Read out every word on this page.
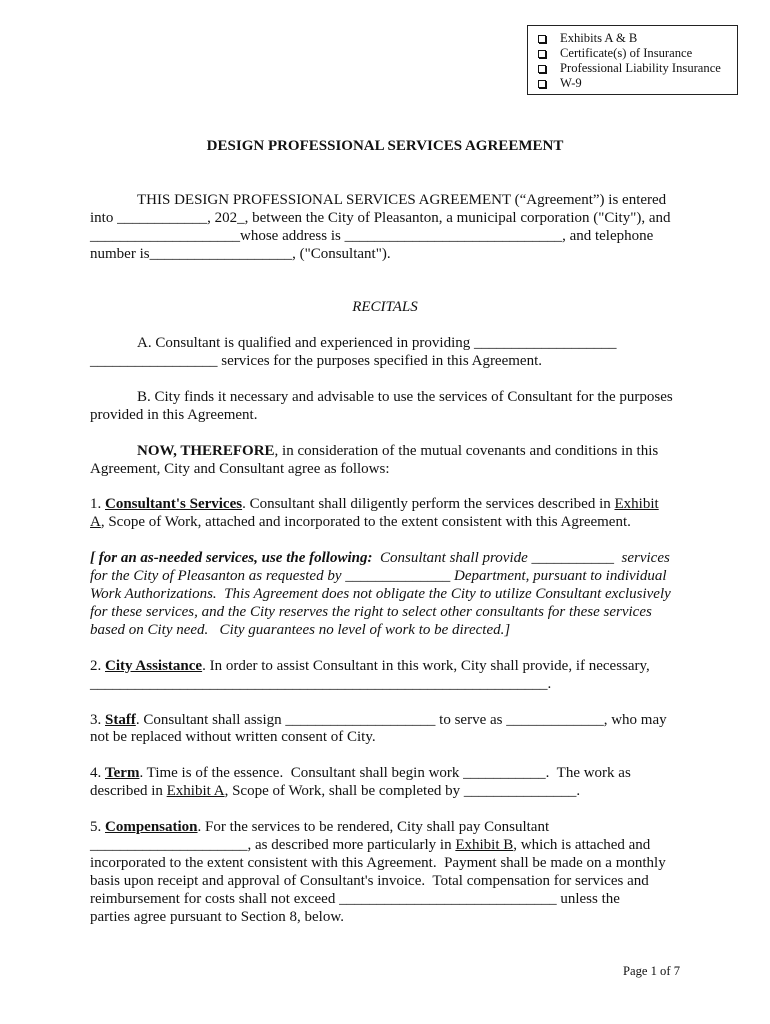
Exhibits A & B
Certificate(s) of Insurance
Professional Liability Insurance
W-9
DESIGN PROFESSIONAL SERVICES AGREEMENT
THIS DESIGN PROFESSIONAL SERVICES AGREEMENT (“Agreement”) is entered
into ____________, 202_, between the City of Pleasanton, a municipal corporation ("City"), and
____________________whose address is _____________________________, and telephone
number is___________________, ("Consultant").
RECITALS
A. Consultant is qualified and experienced in providing ___________________
_________________ services for the purposes specified in this Agreement.
B. City finds it necessary and advisable to use the services of Consultant for the purposes
provided in this Agreement.
NOW, THEREFORE, in consideration of the mutual covenants and conditions in this
Agreement, City and Consultant agree as follows:
1. Consultant's Services. Consultant shall diligently perform the services described in Exhibit
A, Scope of Work, attached and incorporated to the extent consistent with this Agreement.
[ for an as-needed services, use the following:  Consultant shall provide ___________  services
for the City of Pleasanton as requested by ______________ Department, pursuant to individual
Work Authorizations.  This Agreement does not obligate the City to utilize Consultant exclusively
for these services, and the City reserves the right to select other consultants for these services
based on City need.   City guarantees no level of work to be directed.]
2. City Assistance. In order to assist Consultant in this work, City shall provide, if necessary,
_____________________________________________________________.
3. Staff. Consultant shall assign ____________________ to serve as _____________, who may
not be replaced without written consent of City.
4. Term. Time is of the essence.  Consultant shall begin work ___________.  The work as
described in Exhibit A, Scope of Work, shall be completed by _______________.
5. Compensation. For the services to be rendered, City shall pay Consultant
_____________________, as described more particularly in Exhibit B, which is attached and
incorporated to the extent consistent with this Agreement.  Payment shall be made on a monthly
basis upon receipt and approval of Consultant's invoice.  Total compensation for services and
reimbursement for costs shall not exceed _____________________________ unless the
parties agree pursuant to Section 8, below.
Page 1 of 7
